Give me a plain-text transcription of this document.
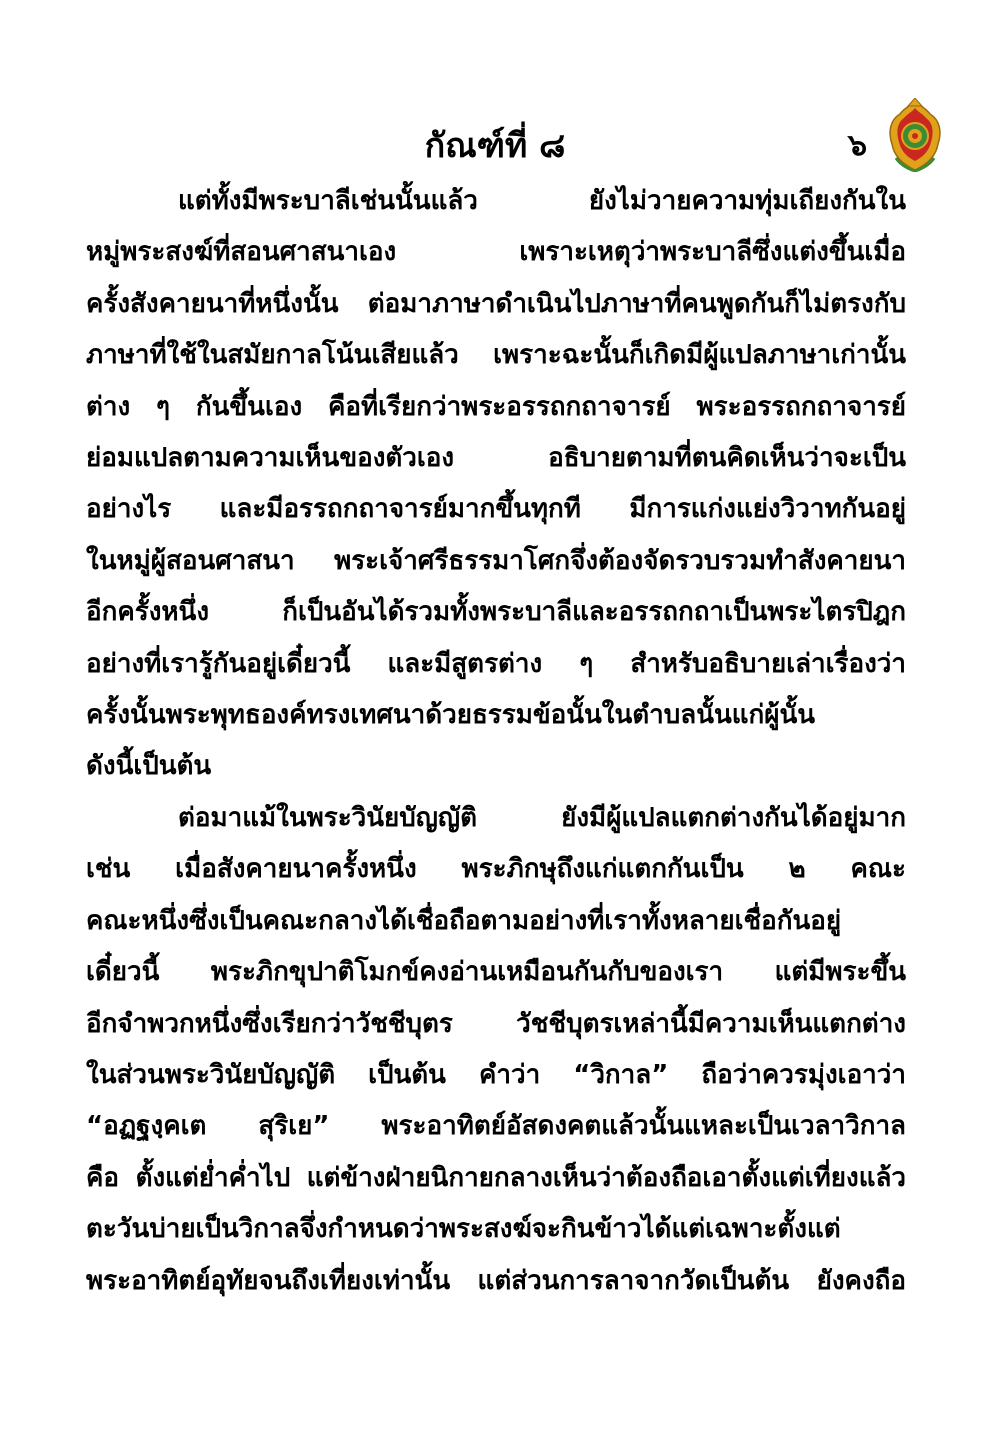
กัณฑ์ที่ ๘	๖

แต่ทั้งมีพระบาลีเช่นนั้นแล้ว ยังไม่วายความทุ่มเถียงกันใน

หมู่พระสงฆ์ที่สอนศาสนาเอง เพราะเหตุว่าพระบาลีซึ่งแต่งขึ้นเมื่อ

ครั้งสังคายนาที่หนึ่งนั้น ต่อมาภาษาดำเนินไปภาษาที่คนพูดกันก็ไม่ตรงกับ

ภาษาที่ใช้ในสมัยกาลโน้นเสียแล้ว เพราะฉะนั้นก็เกิดมีผู้แปลภาษาเก่านั้น

ต่าง ๆ กันขึ้นเอง คือที่เรียกว่าพระอรรถกถาจารย์ พระอรรถกถาจารย์

ย่อมแปลตามความเห็นของตัวเอง อธิบายตามที่ตนคิดเห็นว่าจะเป็น

อย่างไร และมีอรรถกถาจารย์มากขึ้นทุกที มีการแก่งแย่งวิวาทกันอยู่

ในหมู่ผู้สอนศาสนา พระเจ้าศรีธรรมาโศกจึ่งต้องจัดรวบรวมทำสังคายนา

อีกครั้งหนึ่ง ก็เป็นอันได้รวมทั้งพระบาลีและอรรถกถาเป็นพระไตรปิฎก

อย่างที่เรารู้กันอยู่เดี๋ยวนี้ และมีสูตรต่าง ๆ สำหรับอธิบายเล่าเรื่องว่า

ครั้งนั้นพระพุทธองค์ทรงเทศนาด้วยธรรมข้อนั้นในตำบลนั้นแก่ผู้นั้น

ดังนี้เป็นต้น

ต่อมาแม้ในพระวินัยบัญญัติ ยังมีผู้แปลแตกต่างกันได้อยู่มาก

เช่น เมื่อสังคายนาครั้งหนึ่ง พระภิกษุถึงแก่แตกกันเป็น ๒ คณะ

คณะหนึ่งซึ่งเป็นคณะกลางได้เชื่อถือตามอย่างที่เราทั้งหลายเชื่อกันอยู่

เดี๋ยวนี้ พระภิกขุปาติโมกข์คงอ่านเหมือนกันกับของเรา แต่มีพระขึ้น

อีกจำพวกหนึ่งซึ่งเรียกว่าวัชชีบุตร วัชชีบุตรเหล่านี้มีความเห็นแตกต่าง

ในส่วนพระวินัยบัญญัติ เป็นต้น คำว่า “วิกาล” ถือว่าควรมุ่งเอาว่า

“อฏฐงฺคเต สุริเย” พระอาทิตย์อัสดงคตแล้วนั้นแหละเป็นเวลาวิกาล

คือ ตั้งแต่ย่ำค่ำไป แต่ข้างฝ่ายนิกายกลางเห็นว่าต้องถือเอาตั้งแต่เที่ยงแล้ว

ตะวันบ่ายเป็นวิกาลจึ่งกำหนดว่าพระสงฆ์จะกินข้าวได้แต่เฉพาะตั้งแต่

พระอาทิตย์อุทัยจนถึงเที่ยงเท่านั้น แต่ส่วนการลาจากวัดเป็นต้น ยังคงถือ
